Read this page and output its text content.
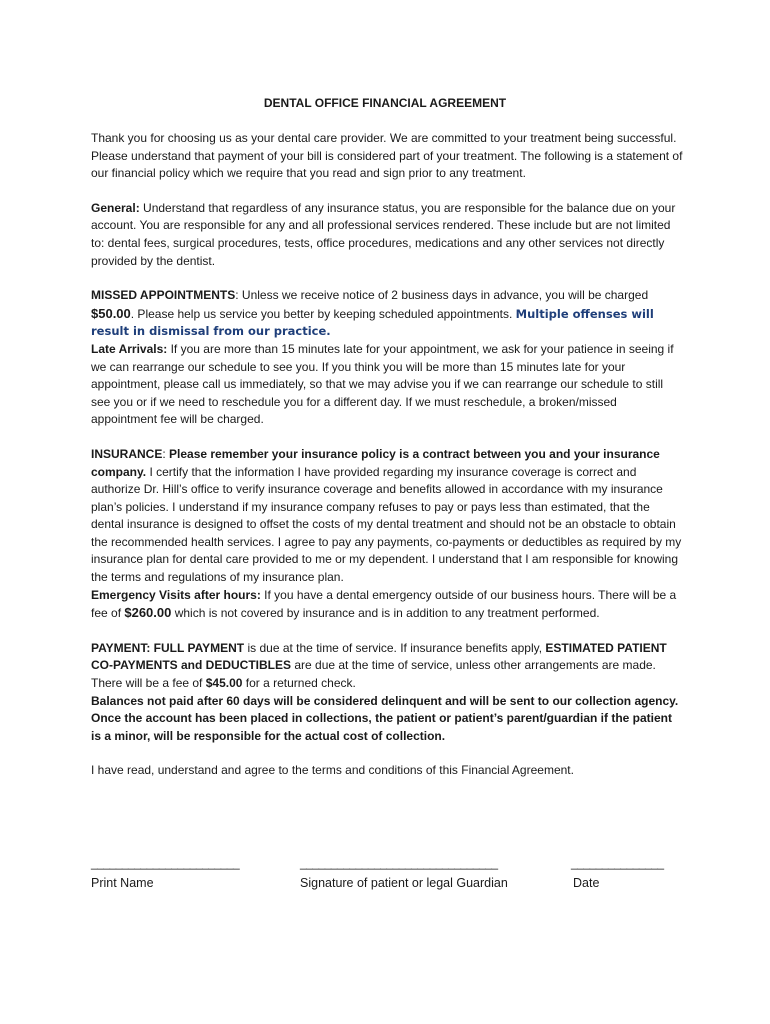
DENTAL OFFICE FINANCIAL AGREEMENT

Thank you for choosing us as your dental care provider. We are committed to your treatment being successful. Please understand that payment of your bill is considered part of your treatment. The following is a statement of our financial policy which we require that you read and sign prior to any treatment.

General: Understand that regardless of any insurance status, you are responsible for the balance due on your account. You are responsible for any and all professional services rendered. These include but are not limited to: dental fees, surgical procedures, tests, office procedures, medications and any other services not directly provided by the dentist.

MISSED APPOINTMENTS: Unless we receive notice of 2 business days in advance, you will be charged $50.00. Please help us service you better by keeping scheduled appointments. Multiple offenses will result in dismissal from our practice.

Late Arrivals: If you are more than 15 minutes late for your appointment, we ask for your patience in seeing if we can rearrange our schedule to see you. If you think you will be more than 15 minutes late for your appointment, please call us immediately, so that we may advise you if we can rearrange our schedule to still see you or if we need to reschedule you for a different day. If we must reschedule, a broken/missed appointment fee will be charged.

INSURANCE: Please remember your insurance policy is a contract between you and your insurance company. I certify that the information I have provided regarding my insurance coverage is correct and authorize Dr. Hill’s office to verify insurance coverage and benefits allowed in accordance with my insurance plan’s policies. I understand if my insurance company refuses to pay or pays less than estimated, that the dental insurance is designed to offset the costs of my dental treatment and should not be an obstacle to obtain the recommended health services. I agree to pay any payments, co-payments or deductibles as required by my insurance plan for dental care provided to me or my dependent. I understand that I am responsible for knowing the terms and regulations of my insurance plan.

Emergency Visits after hours: If you have a dental emergency outside of our business hours. There will be a fee of $260.00 which is not covered by insurance and is in addition to any treatment performed.

PAYMENT: FULL PAYMENT is due at the time of service. If insurance benefits apply, ESTIMATED PATIENT CO-PAYMENTS and DEDUCTIBLES are due at the time of service, unless other arrangements are made. There will be a fee of $45.00 for a returned check.

Balances not paid after 60 days will be considered delinquent and will be sent to our collection agency. Once the account has been placed in collections, the patient or patient’s parent/guardian if the patient is a minor, will be responsible for the actual cost of collection.

I have read, understand and agree to the terms and conditions of this Financial Agreement.

________________________	________________________________	_______________
Print Name	Signature of patient or legal Guardian	Date
